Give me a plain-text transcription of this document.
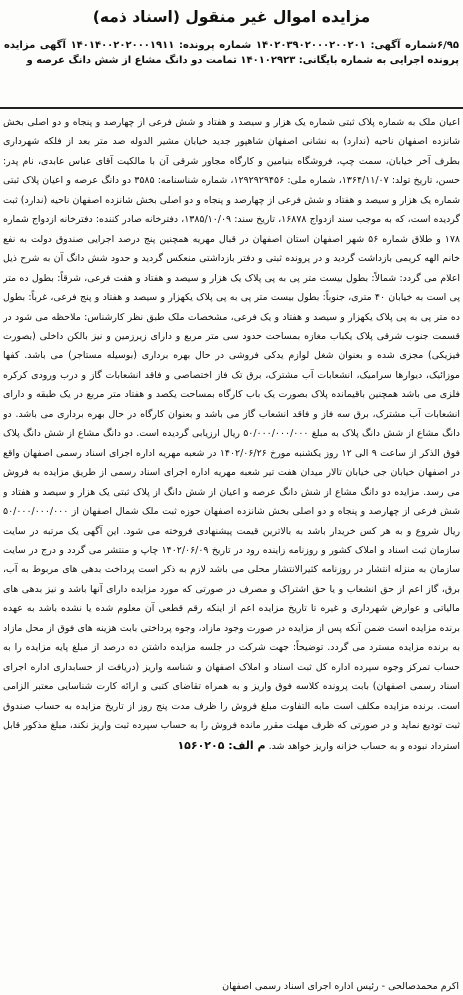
مزایده اموال غیر منقول (اسناد ذمه)
۶/۹۵شماره آگهی: ۱۴۰۲۰۳۹۰۲۰۰۰۲۰۰۲۰۱ شماره پرونده: ۱۴۰۱۴۰۰۲۰۲۰۰۰۱۹۱۱ آگهی مزایده پرونده اجرایی به شماره بایگانی: ۱۴۰۱۰۲۹۲۳ تمامت دو دانگ مشاع از شش دانگ عرصه و
اعیان ملک به شماره پلاک ثبتی شماره یک هزار و سیصد و هفتاد و شش فرعی از چهارصد و پنجاه و دو اصلی بخش شانزده اصفهان ناحیه (ندارد) به نشانی اصفهان شاهپور جدید خیابان مشیر الدوله صد متر بعد از فلکه شهرداری بطرف آخر خیابان، سمت چپ، فروشگاه بنیامین و کارگاه مجاور شرقی آن با مالکیت آقای عباس عابدی، نام پدر: حسن، تاریخ تولد: ۱۳۶۴/۱۱/۰۷، شماره ملی: ۱۲۹۲۹۲۹۴۵۶، شماره شناسنامه: ۳۵۸۵ دو دانگ عرصه و اعیان پلاک ثبتی شماره یک هزار و سیصد و هفتاد و شش فرعی از چهارصد و پنجاه و دو اصلی بخش شانزده اصفهان ناحیه (ندارد) ثبت گردیده است، که به موجب سند ازدواج ۱۶۸۷۸، تاریخ سند: ۱۳۸۵/۱۰/۰۹، دفترخانه صادر کننده: دفترخانه ازدواج شماره ۱۷۸ و طلاق شماره ۵۶ شهر اصفهان استان اصفهان در قبال مهریه همچنین پنج درصد اجرایی صندوق دولت به نفع خانم الهه کریمی بازداشت گردید و در پرونده ثبتی و دفتر بازداشتی منعکس گردید و حدود شش دانگ آن به شرح ذیل اعلام می گردد: شمالاً: بطول بیست متر پی به پی پلاک یک هزار و سیصد و هفتاد و هفت فرعی، شرقاً: بطول ده متر پی است به خیابان ۴۰ متری، جنوباً: بطول بیست متر پی به پی پلاک یکهزار و سیصد و هفتاد و پنج فرعی، غرباً: بطول ده متر پی به پی پلاک یکهزار و سیصد و هفتاد و یک فرعی، مشخصات ملک طبق نظر کارشناس: ملاحظه می شود در قسمت جنوب شرقی پلاک یکباب مغازه بمساحت حدود سی متر مربع و دارای زیرزمین و نیز بالکن داخلی (بصورت فیزیکی) مجزی شده و بعنوان شغل لوازم یدکی فروشی در حال بهره برداری (بوسیله مستاجر) می باشد. کفها موزائیک، دیوارها سرامیک، انشعابات آب مشترک، برق تک فاز اختصاصی و فاقد انشعابات گاز و درب ورودی کرکره فلزی می باشد همچنین باقیمانده پلاک بصورت یک باب کارگاه بمساحت یکصد و هفتاد متر مربع در یک طبقه و دارای انشعابات آب مشترک، برق سه فاز و فاقد انشعاب گاز می باشد و بعنوان کارگاه در حال بهره برداری می باشد. دو دانگ مشاع از شش دانگ پلاک به مبلغ ۵۰/۰۰۰/۰۰۰/۰۰۰ ریال ارزیابی گردیده است. دو دانگ مشاع از شش دانگ پلاک فوق الذکر از ساعت ۹ الی ۱۲ روز یکشنبه مورخ ۱۴۰۲/۰۶/۲۶ در شعبه مهریه اداره اجرای اسناد رسمی اصفهان واقع در اصفهان خیابان جی خیابان تالار میدان هفت تیر شعبه مهریه اداره اجرای اسناد رسمی از طریق مزایده به فروش می رسد. مزایده دو دانگ مشاع از شش دانگ عرصه و اعیان از شش دانگ از پلاک ثبتی یک هزار و سیصد و هفتاد و شش فرعی از چهارصد و پنجاه و دو اصلی بخش شانزده اصفهان حوزه ثبت ملک شمال اصفهان از ۵۰/۰۰۰/۰۰۰/۰۰۰ ریال شروع و به هر کس خریدار باشد به بالاترین قیمت پیشنهادی فروخته می شود. این آگهی یک مرتبه در سایت سازمان ثبت اسناد و املاک کشور و روزنامه زاینده رود در تاریخ ۱۴۰۲/۰۶/۰۹ چاپ و منتشر می گردد و درج در سایت سازمان به منزله انتشار در روزنامه کثیرالانتشار محلی می باشد لازم به ذکر است پرداخت بدهی های مربوط به آب، برق، گاز اعم از حق انشعاب و یا حق اشتراک و مصرف در صورتی که مورد مزایده دارای آنها باشد و نیز بدهی های مالیاتی و عوارض شهرداری و غیره تا تاریخ مزایده اعم از اینکه رقم قطعی آن معلوم شده یا نشده باشد به عهده برنده مزایده است ضمن آنکه پس از مزایده در صورت وجود مازاد، وجوه پرداختی بابت هزینه های فوق از محل مازاد به برنده مزایده مسترد می گردد. توضیحاً: جهت شرکت در جلسه مزایده داشتن ده درصد از مبلغ پایه مزایده را به حساب تمرکز وجوه سپرده اداره کل ثبت اسناد و املاک اصفهان و شناسه واریز (دریافت از حسابداری اداره اجرای اسناد رسمی اصفهان) بابت پرونده کلاسه فوق واریز و به همراه تقاضای کتبی و ارائه کارت شناسایی معتبر الزامی است. برنده مزایده مکلف است مابه التفاوت مبلغ فروش را ظرف مدت پنج روز از تاریخ مزایده به حساب صندوق ثبت تودیع نماید و در صورتی که ظرف مهلت مقرر مانده فروش را به حساب سپرده ثبت واریز نکند، مبلغ مذکور قابل استرداد نبوده و به حساب خزانه واریز خواهد شد. م الف: ۱۵۶۰۲۰۵
اکرم محمدصالحی - رئیس اداره اجرای اسناد رسمی اصفهان
